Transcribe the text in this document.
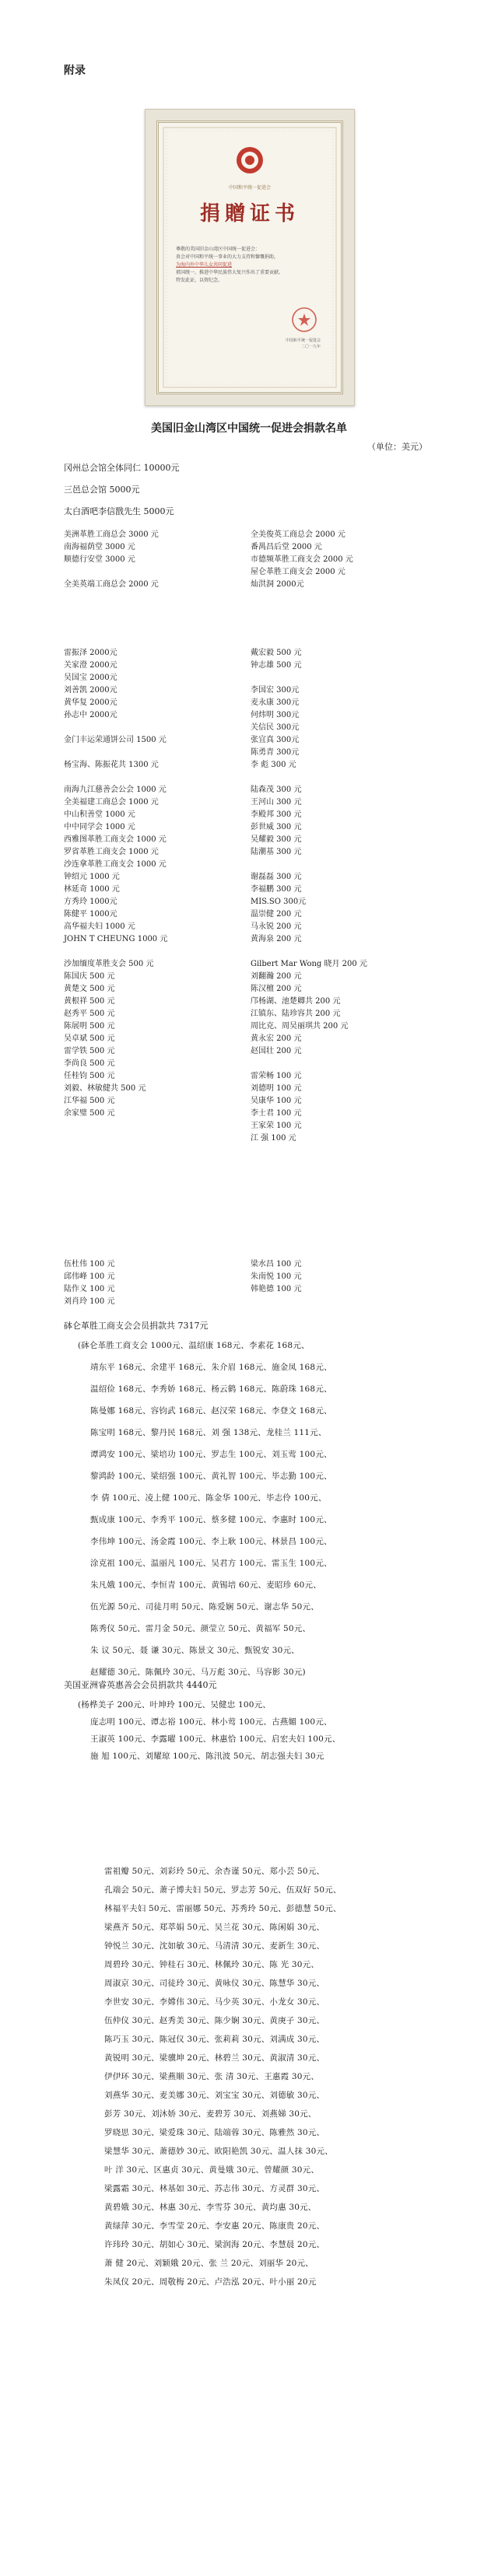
附录
中国和平统一促进会
捐贈证书
尊敬的美国旧金山湾区中国统一促进会：
贵会对中国和平统一事业的大力支持和慷慨捐助，
为海内外中华儿女共同促进
祖国统一，推进中华民族伟大复兴作出了重要贡献。
特发此证，以资纪念。
中国和平统一促进会
二〇一九年
美国旧金山湾区中国统一促进会捐款名单
（单位：美元）
冈州总会馆全体同仁 10000元
三邑总会馆 5000元
太白酒吧李信戬先生 5000元
美洲革胜工商总会 3000 元
南海福荫堂 3000 元
顺德行安堂 3000 元
全美英端工商总会 2000 元
全美俊英工商总会 2000 元
番禺昌后堂 2000 元
市德频革胜工商支会 2000 元
屋仑革胜工商支会 2000 元
灿洪洞 2000元
雷振泽 2000元
关家澄 2000元
吴国宝 2000元
刘善凯 2000元
黄华复 2000元
孙志中 2000元
金门丰运荣通饼公司 1500 元
杨宝海、陈振花共 1300 元
南海九江慈善会公会 1000 元
全美福建工商总会 1000 元
中山积善堂 1000 元
中中同学会 1000 元
西雅图革胜工商支会 1000 元
罗省革胜工商支会 1000 元
沙连拿革胜工商支会 1000 元
钟绍元 1000 元
林延奇 1000 元
方秀玲 1000元
陈健平 1000元
高华福夫妇 1000 元
JOHN T CHEUNG 1000 元
沙加缅度革胜支会 500 元
陈国庆 500 元
黄楚文 500 元
黄根祥 500 元
赵秀平 500 元
陈展明 500 元
吴卓斌 500 元
雷学铁 500 元
李尚良 500 元
任桂钧 500 元
刘毅、林敏健共 500 元
江华福 500 元
余家璧 500 元
戴宏毅 500 元
钟志雄 500 元
李国宏 300元
麦永康 300元
何炜明 300元
关信民 300元
张宜真 300元
陈勇青 300元
李 彪 300 元
陆森茂 300 元
王河山 300 元
李殿邦 300 元
彭世威 300 元
吴耀毅 300 元
陆潮基 300 元
谢磊磊 300 元
李福鹏 300 元
MIS.SO 300元
温崇健 200 元
马永锐 200 元
黄海泉 200 元
Gilbert Mar Wong 晓月 200 元
刘翻瀚 200 元
陈汉檀 200 元
邝杨湖、池楚卿共 200 元
江镇东、陆珍容共 200 元
周比克、周吴丽琪共 200 元
黄永宏 200 元
赵国壮 200 元
雷荣畅 100 元
刘德明 100 元
吴康华 100 元
李士君 100 元
王家荣 100 元
江 强 100 元
伍杜伟 100 元
邱伟峰 100 元
陆作义 100 元
刘肖玲 100 元
梁水昌 100 元
朱南悦 100 元
韩艳德 100 元
砵仑革胜工商支会会员捐款共 7317元
美国亚洲睿英惠善会会员捐款共 4440元
(砵仑革胜工商支会 1000元、温绍康 168元、李素花 168元、
靖东平 168元、余建平 168元、朱介眉 168元、施金凤 168元、
温绍俭 168元、李秀娇 168元、杨云鹤 168元、陈蔚珠 168元、
陈曼娜 168元、容钧武 168元、赵汉荣 168元、李登文 168元、
陈宝明 168元、黎丹民 168元、刘 强 138元、龙桂兰 111元、
谭鸿安 100元、梁培功 100元、罗志生 100元、刘玉莺 100元、
黎鸿龄 100元、梁绍强 100元、黄礼智 100元、毕志勤 100元、
李 倩 100元、凌上健 100元、陈金华 100元、毕志伶 100元、
甄成康 100元、李秀平 100元、蔡多健 100元、李惠时 100元、
李伟坤 100元、汤金霞 100元、李上耿 100元、林景昌 100元、
涂克祖 100元、温丽凡 100元、吴君方 100元、雷玉生 100元、
朱凡娥 100元、李恒青 100元、黄锡培 60元、麦昭珍 60元、
伍光源 50元、司徒月明 50元、陈爱娴 50元、谢志华 50元、
陈秀仪 50元、雷月金 50元、颜莹立 50元、黄福军 50元、
朱 议 50元、聂 谦 30元、陈景文 30元、甄锐安 30元、
赵耀德 30元、陈佩玲 30元、马万彪 30元、马容影 30元)
(杨桦美子 200元、叶坤玲 100元、吴健忠 100元、
庞志明 100元、谭志裕 100元、林小莺 100元、古燕媚 100元、
王淑英 100元、李露曜 100元、林惠恰 100元、启宏夫妇 100元、
施 旭 100元、刘耀琼 100元、陈汛波 50元、胡志强夫妇 30元
雷祖瓣 50元、刘彩玲 50元、余杏谨 50元、郑小芸 50元、
孔端会 50元、萧子博夫妇 50元、罗志芳 50元、伍双好 50元、
林福平夫妇 50元、雷丽娜 50元、苏秀玲 50元、彭德慧 50元、
梁燕齐 50元、郑萃娟 50元、吴兰花 30元、陈闲娟 30元、
钟悦兰 30元、沈如敏 30元、马清清 30元、麦新生 30元、
周碧玲 30元、钟桂石 30元、林佩玲 30元、陈 光 30元、
周淑京 30元、司徒玲 30元、黄咏仪 30元、陈慧华 30元、
李世安 30元、李嫦伟 30元、马少英 30元、小龙女 30元、
伍仲仪 30元、赵秀美 30元、陈少娴 30元、黄庚子 30元、
陈巧玉 30元、陈冠仪 30元、张莉莉 30元、刘满成 30元、
黄锐明 30元、梁骥坤 20元、林碧兰 30元、黄淑清 30元、
伊伊环 30元、梁燕顺 30元、张 清 30元、王惠霞 30元、
刘燕华 30元、麦美娜 30元、刘宝宝 30元、刘德敏 30元、
彭芳 30元、刘沐娇 30元、麦碧芳 30元、刘燕娣 30元、
罗晓思 30元、梁爱珠 30元、陆端蓉 30元、陈雅然 30元、
梁慧华 30元、萧德妙 30元、欧阳艳凯 30元、温人抹 30元、
叶 洋 30元、区惠贞 30元、黄曼娥 30元、曾耀颜 30元、
梁露霜 30元、林基如 30元、苏志伟 30元、方灵群 30元、
黄碧娥 30元、林惠 30元、李雪芬 30元、黄均惠 30元、
黄绿萍 30元、李雪莹 20元、李安惠 20元、陈康贵 20元、
许玮玲 30元、胡如心 30元、梁润海 20元、李慧晨 20元、
萧 健 20元、刘颖娥 20元、张 兰 20元、刘丽华 20元、
朱凤仪 20元、周敬梅 20元、卢浩泓 20元、叶小丽 20元
